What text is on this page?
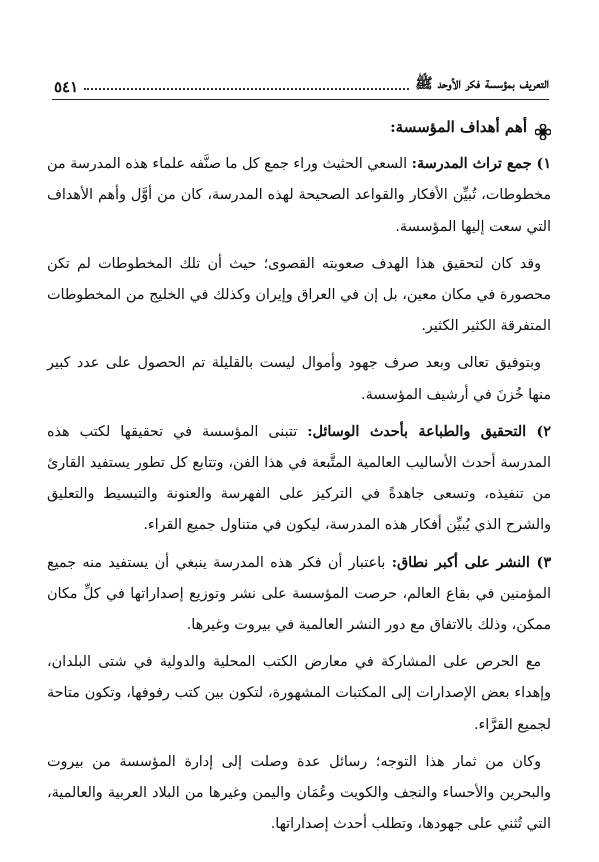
التعريف بمؤسسة فكر الأوحد ﷺ
٥٤١

أهم أهداف المؤسسة:

١) جمع تراث المدرسة: السعي الحثيث وراء جمع كل ما صنَّفه علماء هذه المدرسة من مخطوطات، تُبيِّن الأفكار والقواعد الصحيحة لهذه المدرسة، كان من أوَّل وأهم الأهداف التي سعت إليها المؤسسة.

وقد كان لتحقيق هذا الهدف صعوبته القصوى؛ حيث أن تلك المخطوطات لم تكن محصورة في مكان معين، بل إن في العراق وإيران وكذلك في الخليج من المخطوطات المتفرقة الكثير الكثير.

وبتوفيق تعالى وبعد صرف جهود وأموال ليست بالقليلة تم الحصول على عدد كبير منها خُزنَ في أرشيف المؤسسة.

٢) التحقيق والطباعة بأحدث الوسائل: تتبنى المؤسسة في تحقيقها لكتب هذه المدرسة أحدث الأساليب العالمية المتَّبعة في هذا الفن، وتتابع كل تطور يستفيد القارئ من تنفيذه، وتسعى جاهدةً في التركيز على الفهرسة والعنونة والتبسيط والتعليق والشرح الذي يُبيِّن أفكار هذه المدرسة، ليكون في متناول جميع القراء.

٣) النشر على أكبر نطاق: باعتبار أن فكر هذه المدرسة ينبغي أن يستفيد منه جميع المؤمنين في بقاع العالم، حرصت المؤسسة على نشر وتوزيع إصداراتها في كلِّ مكان ممكن، وذلك بالاتفاق مع دور النشر العالمية في بيروت وغيرها.

مع الحرص على المشاركة في معارض الكتب المحلية والدولية في شتى البلدان، وإهداء بعض الإصدارات إلى المكتبات المشهورة، لتكون بين كتب رفوفها، وتكون متاحة لجميع القرَّاء.

وكان من ثمار هذا التوجه؛ رسائل عدة وصلت إلى إدارة المؤسسة من بيروت والبحرين والأحساء والنجف والكويت وعُمَان واليمن وغيرها من البلاد العربية والعالمية، التي تُثني على جهودها، وتطلب أحدث إصداراتها.
